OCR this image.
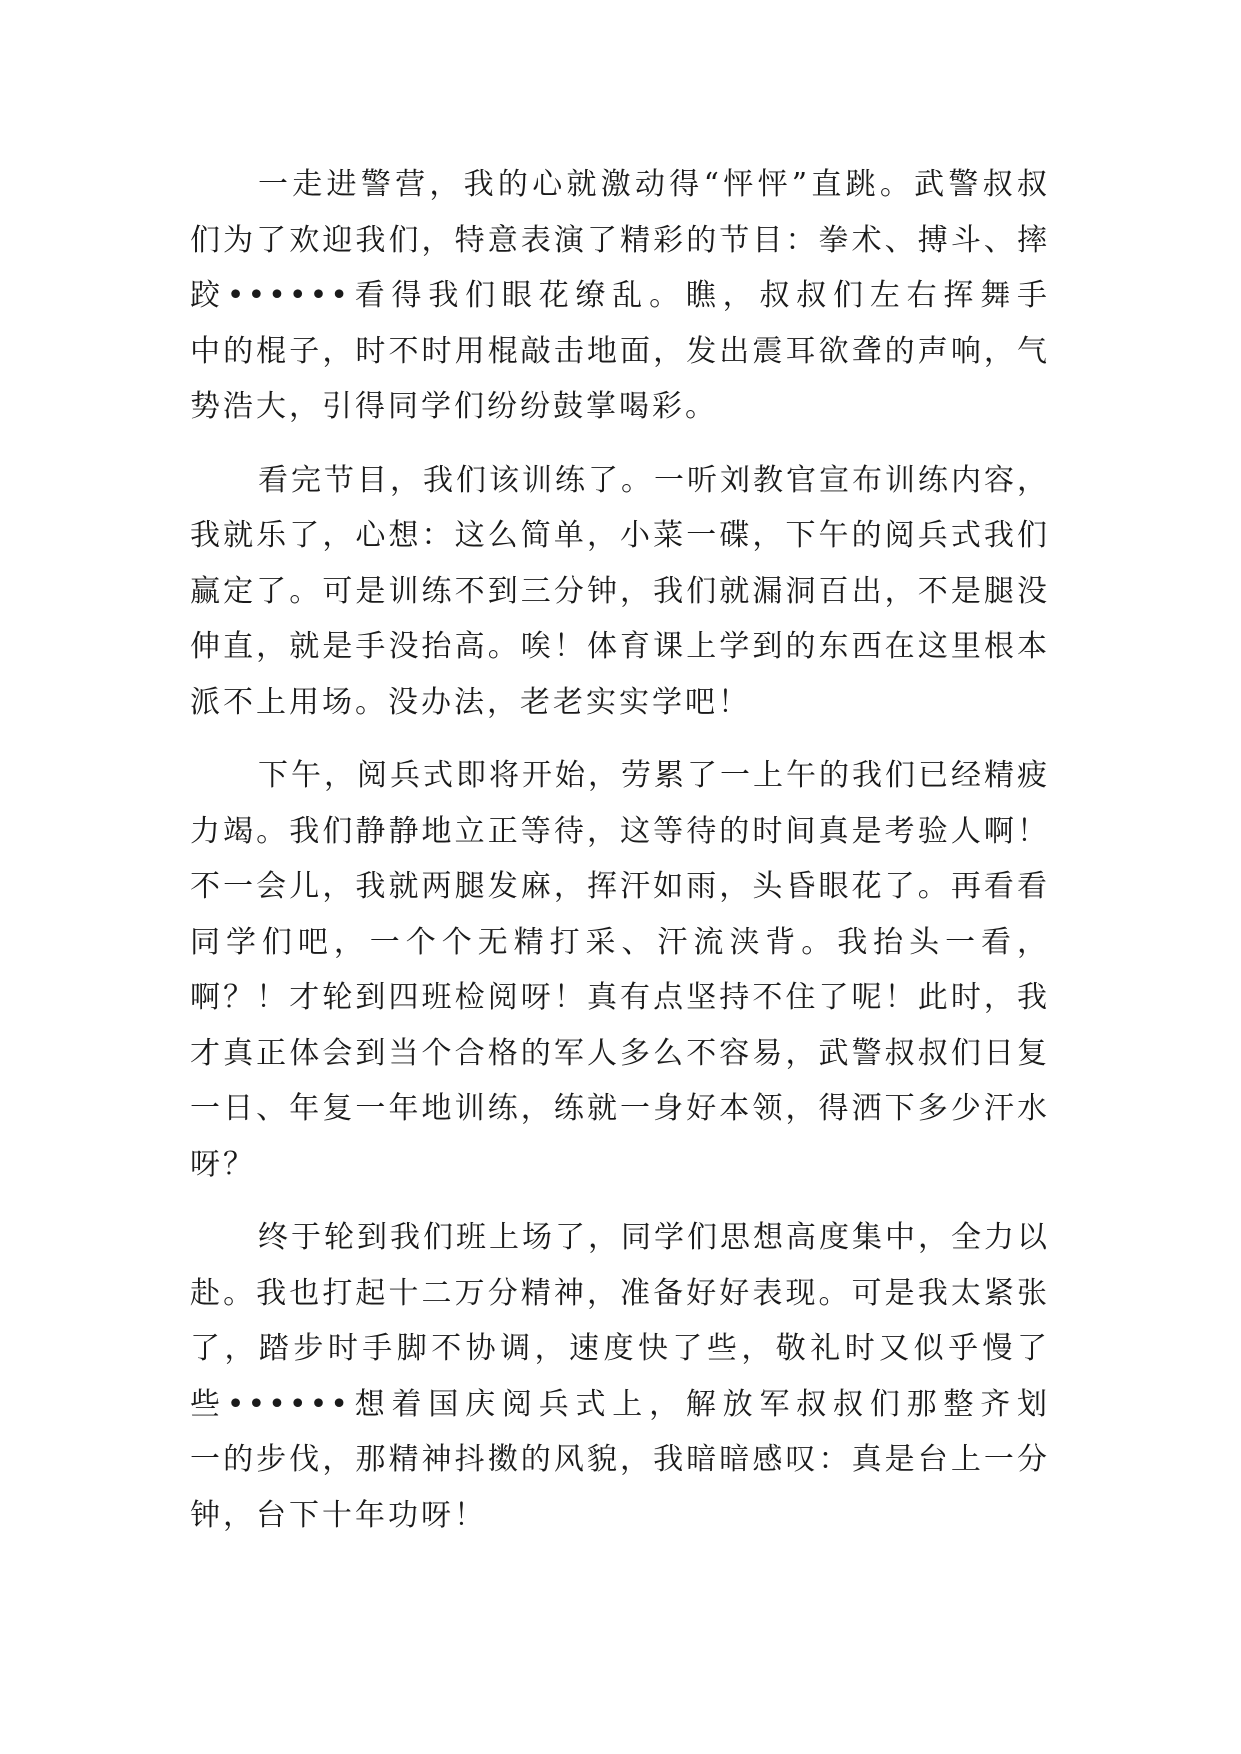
一走进警营，我的心就激动得“怦怦”直跳。武警叔叔
们为了欢迎我们，特意表演了精彩的节目：拳术、搏斗、摔
跤••••••看得我们眼花缭乱。瞧，叔叔们左右挥舞手
中的棍子，时不时用棍敲击地面，发出震耳欲聋的声响，气
势浩大，引得同学们纷纷鼓掌喝彩。
看完节目，我们该训练了。一听刘教官宣布训练内容，
我就乐了，心想：这么简单，小菜一碟，下午的阅兵式我们
赢定了。可是训练不到三分钟，我们就漏洞百出，不是腿没
伸直，就是手没抬高。唉！体育课上学到的东西在这里根本
派不上用场。没办法，老老实实学吧！
下午，阅兵式即将开始，劳累了一上午的我们已经精疲
力竭。我们静静地立正等待，这等待的时间真是考验人啊！
不一会儿，我就两腿发麻，挥汗如雨，头昏眼花了。再看看
同学们吧，一个个无精打采、汗流浃背。我抬头一看，
啊？！才轮到四班检阅呀！真有点坚持不住了呢！此时，我
才真正体会到当个合格的军人多么不容易，武警叔叔们日复
一日、年复一年地训练，练就一身好本领，得洒下多少汗水
呀？
终于轮到我们班上场了，同学们思想高度集中，全力以
赴。我也打起十二万分精神，准备好好表现。可是我太紧张
了，踏步时手脚不协调，速度快了些，敬礼时又似乎慢了
些••••••想着国庆阅兵式上，解放军叔叔们那整齐划
一的步伐，那精神抖擞的风貌，我暗暗感叹：真是台上一分
钟，台下十年功呀！
